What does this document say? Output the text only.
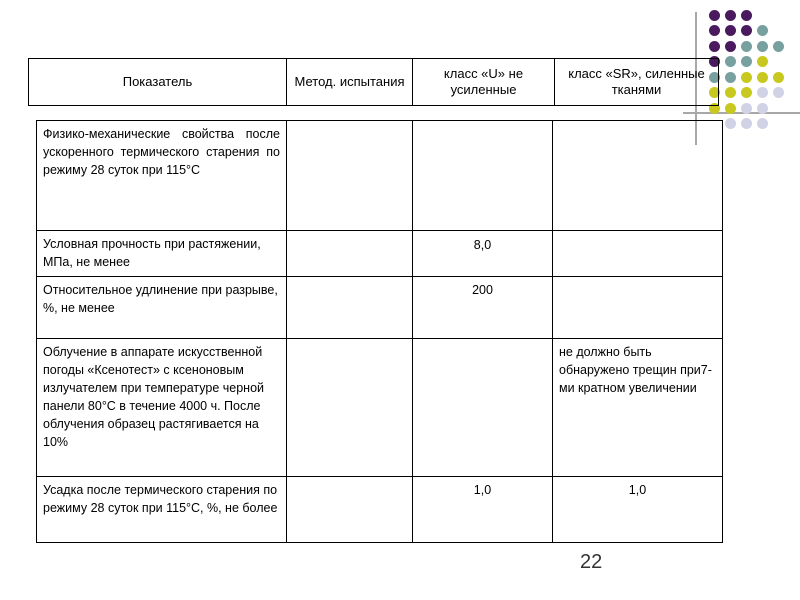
Показатель	Метод. испытания	класс «U» не усиленные	класс «SR», силенные тканями
Физико-механические свойства после ускоренного термического старения по режиму 28 суток при 115°C			
Условная прочность при растяжении, МПа, не менее		8,0	
Относительное удлинение при разрыве, %, не менее		200	
Облучение в аппарате искусственной погоды «Ксенотест» с ксеноновым излучателем при температуре черной панели 80°C в течение 4000 ч. После облучения образец растягивается на 10%			не должно быть обнаружено трещин при7-ми кратном увеличении
Усадка после термического старения по режиму 28 суток при 115°C, %, не более		1,0	1,0
22
